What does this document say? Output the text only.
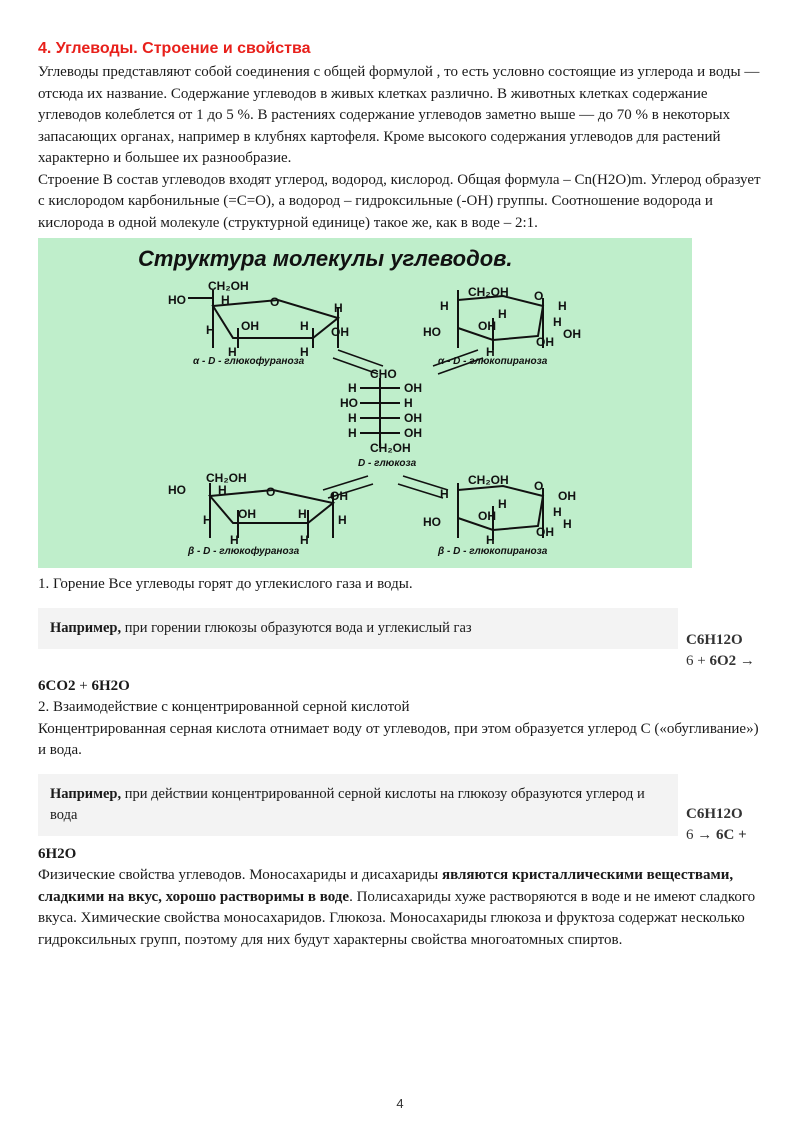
4. Углеводы. Строение и свойства

Углеводы представляют собой соединения с общей формулой , то есть условно состоящие из углерода и воды — отсюда их название. Содержание углеводов в живых клетках различно. В животных клетках содержание углеводов колеблется от 1 до 5 %. В растениях содержание углеводов заметно выше — до 70 % в некоторых запасающих органах, например в клубнях картофеля. Кроме высокого содержания углеводов для растений характерно и большее их разнообразие.

Строение В состав углеводов входят углерод, водород, кислород. Общая формула – Cn(H2O)m. Углерод образует с кислородом карбонильные (=C=O), а водород – гидроксильные (-OH) группы. Соотношение водорода и кислорода в одной молекуле (структурной единице) такое же, как в воде – 2:1.

Структура молекулы углеводов.
CH₂OH
HO	H	O	H
H OH	H
H	H
OH
α - D - глюкофураноза
CH₂OH
H
O
H
H
OH	H
HO	OH
H
OH
α - D - глюкопираноза
CHO
H	OH
HO	H
H	OH
H	OH
CH₂OH
D - глюкоза
CH₂OH
HO	H	O	OH
H OH	H	H
H	H
β - D - глюкофураноза
CH₂OH
H
O
OH
H
OH	H
HO	H
H
OH
β - D - глюкопираноза

1. Горение Все углеводы горят до углекислого газа и воды.

Например, при горении глюкозы образуются вода и углекислый газ
C6H12O
6 + 6O2 →

6CO2 + 6H2O

2. Взаимодействие с концентрированной серной кислотой

Концентрированная серная кислота отнимает воду от углеводов, при этом образуется углерод C («обугливание») и вода.

Например, при действии концентрированной серной кислоты на глюкозу образуются углерод и вода	C6H12O
6 → 6C +

6H2O

Физические свойства углеводов. Моносахариды и дисахариды являются кристаллическими веществами, сладкими на вкус, хорошо растворимы в воде. Полисахариды хуже растворяются в воде и не имеют сладкого вкуса. Химические свойства моносахаридов. Глюкоза. Моносахариды глюкоза и фруктоза содержат несколько гидроксильных групп, поэтому для них будут характерны свойства многоатомных спиртов.

4
